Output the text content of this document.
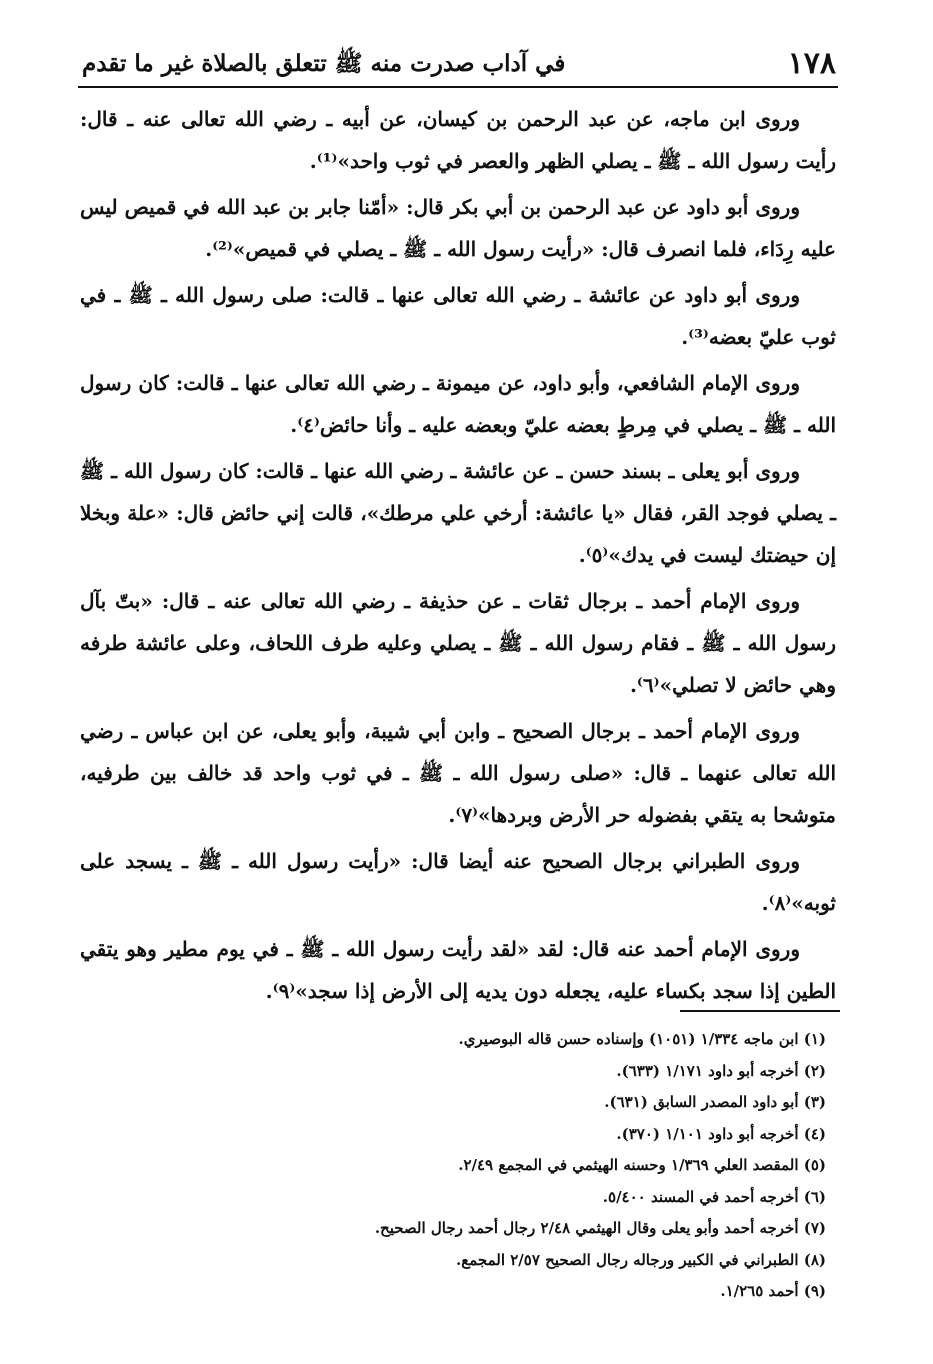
١٧٨
في آداب صدرت منه ﷺ تتعلق بالصلاة غير ما تقدم

وروى ابن ماجه، عن عبد الرحمن بن كيسان، عن أبيه ـ رضي الله تعالى عنه ـ قال: رأيت رسول الله ـ ﷺ ـ يصلي الظهر والعصر في ثوب واحد»⁽¹⁾.

وروى أبو داود عن عبد الرحمن بن أبي بكر قال: «أمّنا جابر بن عبد الله في قميص ليس عليه رِدَاء، فلما انصرف قال: «رأيت رسول الله ـ ﷺ ـ يصلي في قميص»⁽²⁾.

وروى أبو داود عن عائشة ـ رضي الله تعالى عنها ـ قالت: صلى رسول الله ـ ﷺ ـ في ثوب عليّ بعضه⁽³⁾.

وروى الإمام الشافعي، وأبو داود، عن ميمونة ـ رضي الله تعالى عنها ـ قالت: كان رسول الله ـ ﷺ ـ يصلي في مِرطٍ بعضه عليّ وبعضه عليه ـ وأنا حائض⁽٤⁾.

وروى أبو يعلى ـ بسند حسن ـ عن عائشة ـ رضي الله عنها ـ قالت: كان رسول الله ـ ﷺ ـ يصلي فوجد القر، فقال «يا عائشة: أرخي علي مرطك»، قالت إني حائض قال: «علة وبخلا إن حيضتك ليست في يدك»⁽٥⁾.

وروى الإمام أحمد ـ برجال ثقات ـ عن حذيفة ـ رضي الله تعالى عنه ـ قال: «بتّ بآل رسول الله ـ ﷺ ـ فقام رسول الله ـ ﷺ ـ يصلي وعليه طرف اللحاف، وعلى عائشة طرفه وهي حائض لا تصلي»⁽٦⁾.

وروى الإمام أحمد ـ برجال الصحيح ـ وابن أبي شيبة، وأبو يعلى، عن ابن عباس ـ رضي الله تعالى عنهما ـ قال: «صلى رسول الله ـ ﷺ ـ في ثوب واحد قد خالف بين طرفيه، متوشحا به يتقي بفضوله حر الأرض وبردها»⁽٧⁾.

وروى الطبراني برجال الصحيح عنه أيضا قال: «رأيت رسول الله ـ ﷺ ـ يسجد على ثوبه»⁽٨⁾.

وروى الإمام أحمد عنه قال: لقد «لقد رأيت رسول الله ـ ﷺ ـ في يوم مطير وهو يتقي الطين إذا سجد بكساء عليه، يجعله دون يديه إلى الأرض إذا سجد»⁽٩⁾.

(١) ابن ماجه ١/٣٣٤ (١٠٥١) وإسناده حسن قاله البوصيري.
(٢) أخرجه أبو داود ١/١٧١ (٦٣٣).
(٣) أبو داود المصدر السابق (٦٣١).
(٤) أخرجه أبو داود ١/١٠١ (٣٧٠).
(٥) المقصد العلي ١/٣٦٩ وحسنه الهيثمي في المجمع ٢/٤٩.
(٦) أخرجه أحمد في المسند ٥/٤٠٠.
(٧) أخرجه أحمد وأبو يعلى وقال الهيثمي ٢/٤٨ رجال أحمد رجال الصحيح.
(٨) الطبراني في الكبير ورجاله رجال الصحيح ٢/٥٧ المجمع.
(٩) أحمد ١/٢٦٥.
